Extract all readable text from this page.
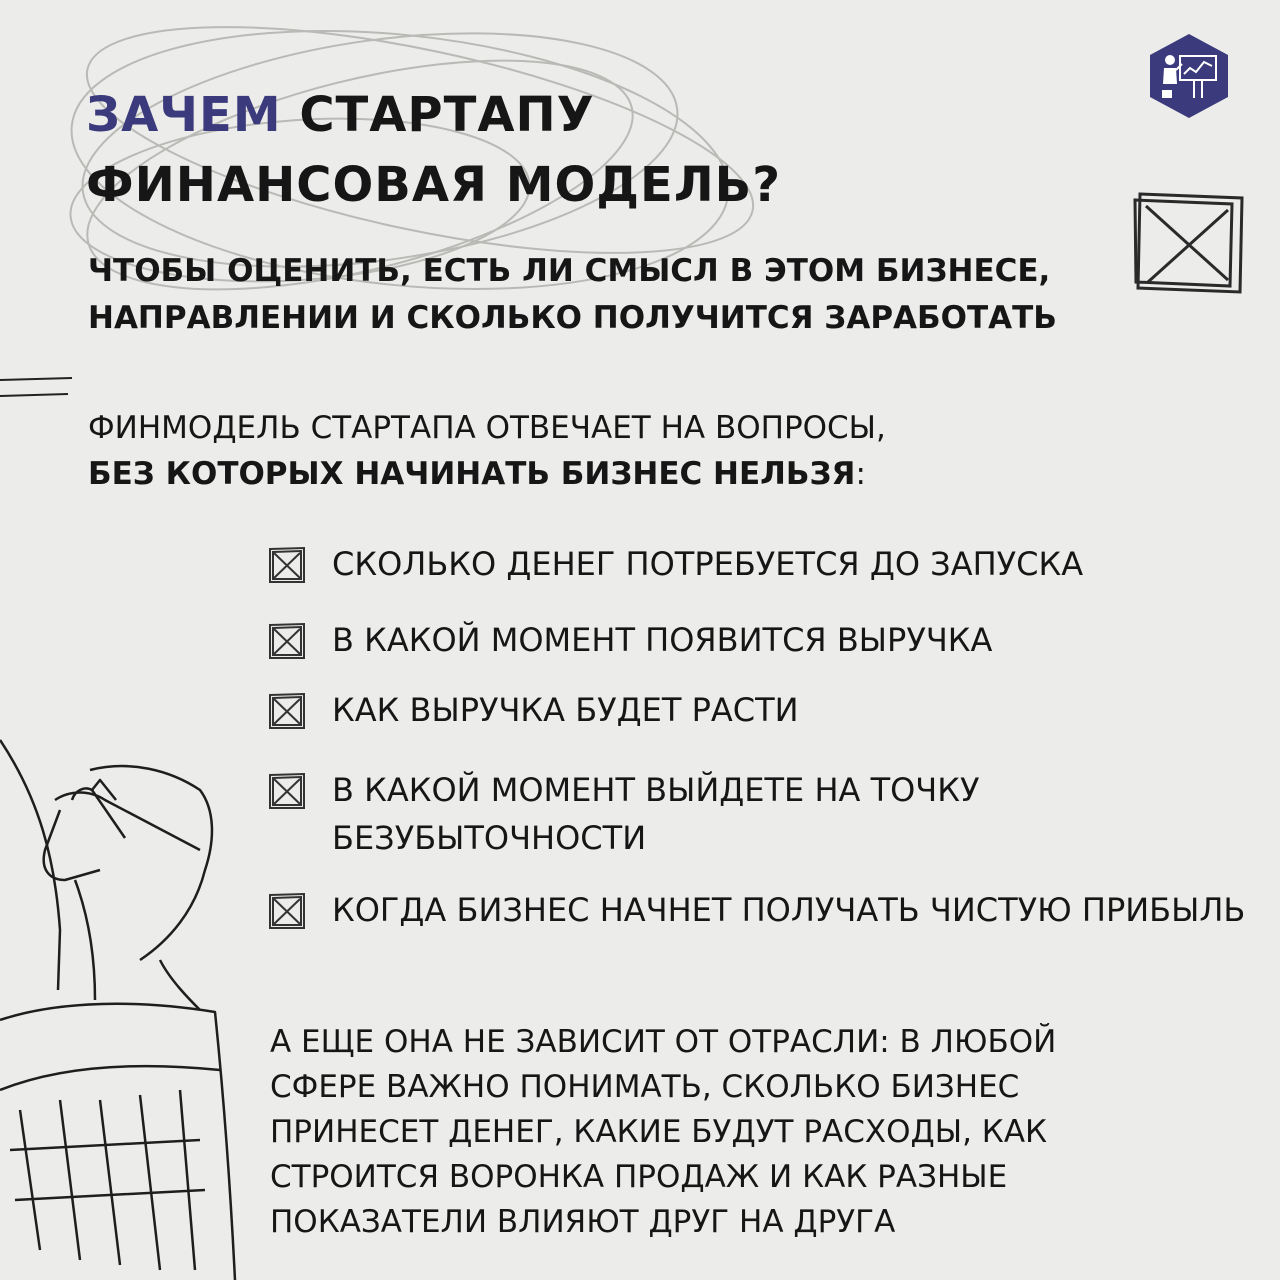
ЗАЧЕМ СТАРТАПУ
ФИНАНСОВАЯ МОДЕЛЬ?

ЧТОБЫ ОЦЕНИТЬ, ЕСТЬ ЛИ СМЫСЛ В ЭТОМ БИЗНЕСЕ, НАПРАВЛЕНИИ И СКОЛЬКО ПОЛУЧИТСЯ ЗАРАБОТАТЬ

ФИНМОДЕЛЬ СТАРТАПА ОТВЕЧАЕТ НА ВОПРОСЫ,
БЕЗ КОТОРЫХ НАЧИНАТЬ БИЗНЕС НЕЛЬЗЯ:

СКОЛЬКО ДЕНЕГ ПОТРЕБУЕТСЯ ДО ЗАПУСКА
В КАКОЙ МОМЕНТ ПОЯВИТСЯ ВЫРУЧКА
КАК ВЫРУЧКА БУДЕТ РАСТИ
В КАКОЙ МОМЕНТ ВЫЙДЕТЕ НА ТОЧКУ БЕЗУБЫТОЧНОСТИ
КОГДА БИЗНЕС НАЧНЕТ ПОЛУЧАТЬ ЧИСТУЮ ПРИБЫЛЬ

А ЕЩЕ ОНА НЕ ЗАВИСИТ ОТ ОТРАСЛИ: В ЛЮБОЙ
СФЕРЕ ВАЖНО ПОНИМАТЬ, СКОЛЬКО БИЗНЕС
ПРИНЕСЕТ ДЕНЕГ, КАКИЕ БУДУТ РАСХОДЫ, КАК
СТРОИТСЯ ВОРОНКА ПРОДАЖ И КАК РАЗНЫЕ
ПОКАЗАТЕЛИ ВЛИЯЮТ ДРУГ НА ДРУГА
